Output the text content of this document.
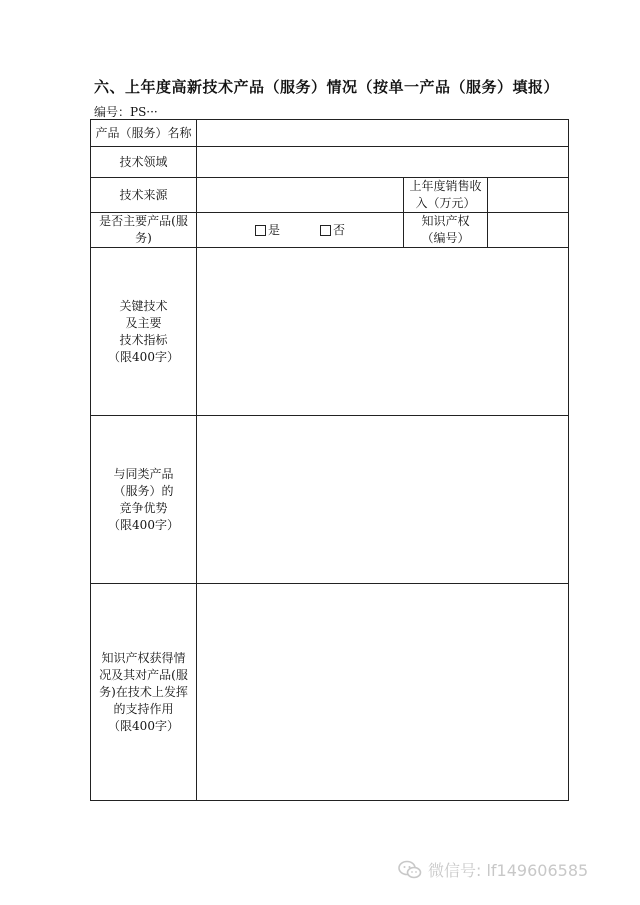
六、上年度高新技术产品（服务）情况（按单一产品（服务）填报）
编号：PS···
产品（服务）名称			
技术领域			
技术来源		上年度销售收
入（万元）	
是否主要产品(服务)	是 否	知识产权
（编号）	
关键技术
及主要
技术指标
（限400字）			
与同类产品
（服务）的
竞争优势
（限400字）			
知识产权获得情
况及其对产品(服
务)在技术上发挥
的支持作用
（限400字）			
微信号: lf149606585
